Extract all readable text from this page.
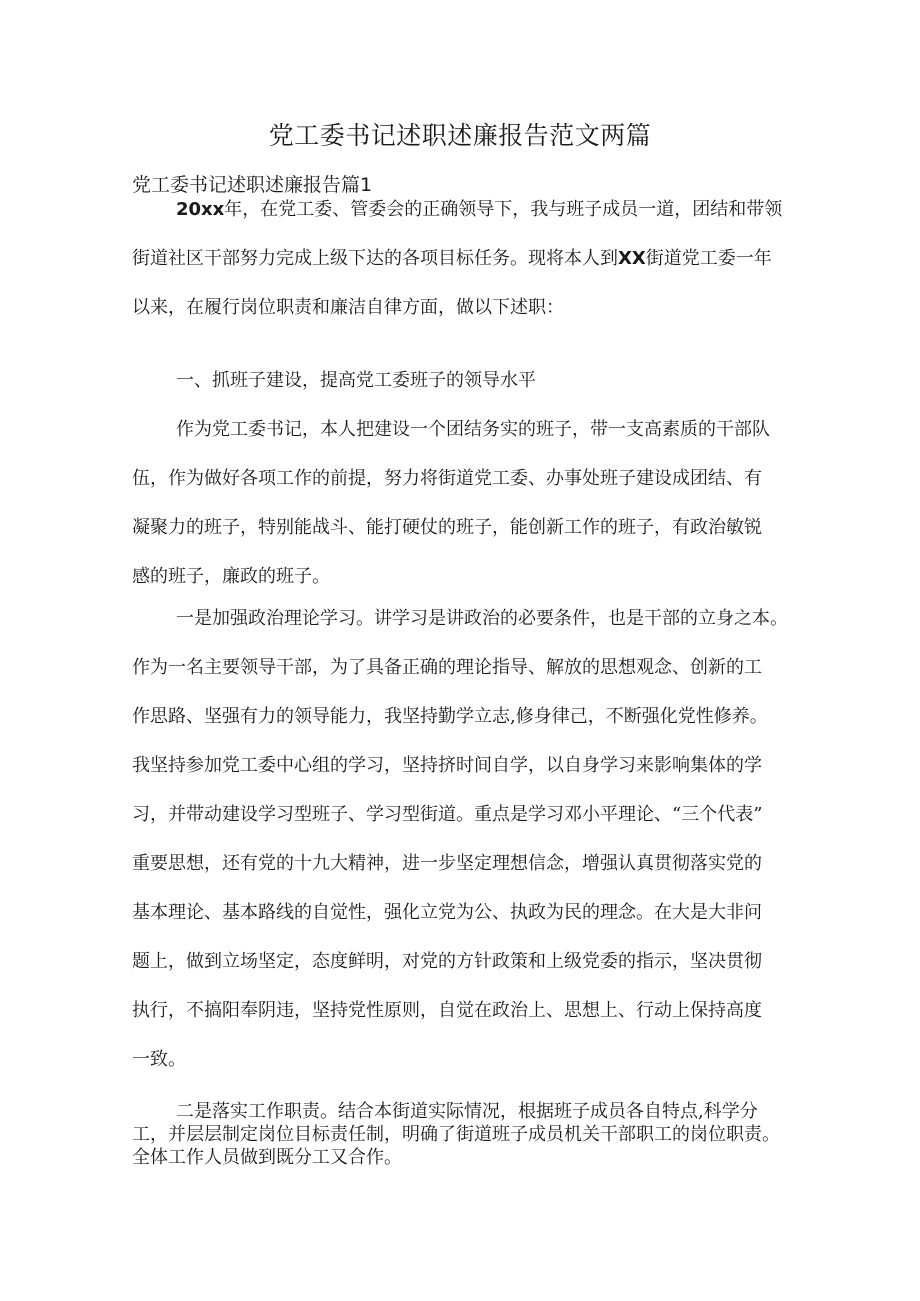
党工委书记述职述廉报告范文两篇
党工委书记述职述廉报告篇1
20xx年，在党工委、管委会的正确领导下，我与班子成员一道，团结和带领
街道社区干部努力完成上级下达的各项目标任务。现将本人到XX街道党工委一年
以来，在履行岗位职责和廉洁自律方面，做以下述职：
一、抓班子建设，提高党工委班子的领导水平
作为党工委书记，本人把建设一个团结务实的班子，带一支高素质的干部队
伍，作为做好各项工作的前提，努力将街道党工委、办事处班子建设成团结、有
凝聚力的班子，特别能战斗、能打硬仗的班子，能创新工作的班子，有政治敏锐
感的班子，廉政的班子。
一是加强政治理论学习。讲学习是讲政治的必要条件，也是干部的立身之本。
作为一名主要领导干部，为了具备正确的理论指导、解放的思想观念、创新的工
作思路、坚强有力的领导能力，我坚持勤学立志,修身律己，不断强化党性修养。
我坚持参加党工委中心组的学习，坚持挤时间自学，以自身学习来影响集体的学
习，并带动建设学习型班子、学习型街道。重点是学习邓小平理论、“三个代表”
重要思想，还有党的十九大精神，进一步坚定理想信念，增强认真贯彻落实党的
基本理论、基本路线的自觉性，强化立党为公、执政为民的理念。在大是大非问
题上，做到立场坚定，态度鲜明，对党的方针政策和上级党委的指示，坚决贯彻
执行，不搞阳奉阴违，坚持党性原则，自觉在政治上、思想上、行动上保持高度
一致。
二是落实工作职责。结合本街道实际情况，根据班子成员各自特点,科学分
工，并层层制定岗位目标责任制，明确了街道班子成员机关干部职工的岗位职责。
全体工作人员做到既分工又合作。
